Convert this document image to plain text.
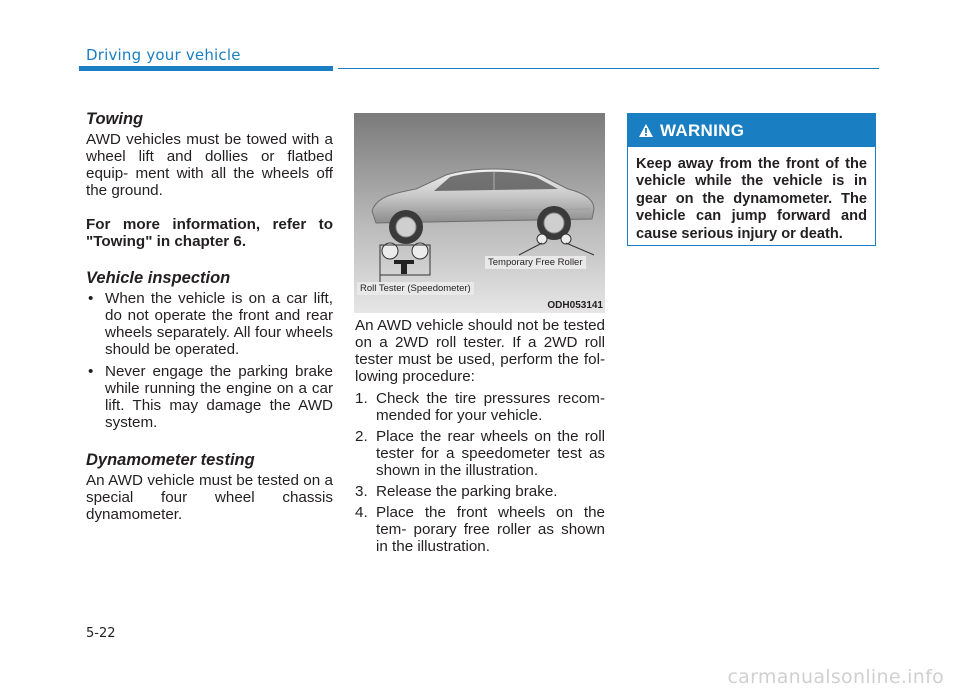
Driving your vehicle
Towing

AWD vehicles must be towed with a wheel lift and dollies or flatbed equip- ment with all the wheels off the ground.

For more information, refer to "Towing" in chapter 6.

Vehicle inspection
• When the vehicle is on a car lift, do not operate the front and rear wheels separately. All four wheels should be operated.
• Never engage the parking brake while running the engine on a car lift. This may damage the AWD system.
Dynamometer testing

An AWD vehicle must be tested on a special four wheel chassis dynamometer.

Temporary Free Roller
Roll Tester (Speedometer)
ODH053141

An AWD vehicle should not be tested on a 2WD roll tester. If a 2WD roll tester must be used, perform the fol- lowing procedure:

1. Check the tire pressures recom- mended for your vehicle.
2. Place the rear wheels on the roll tester for a speedometer test as shown in the illustration.
3. Release the parking brake.
4. Place the front wheels on the tem- porary free roller as shown in the illustration.
WARNING
Keep away from the front of the vehicle while the vehicle is in gear on the dynamometer. The vehicle can jump forward and cause serious injury or death.
5-22
carmanualsonline.info
